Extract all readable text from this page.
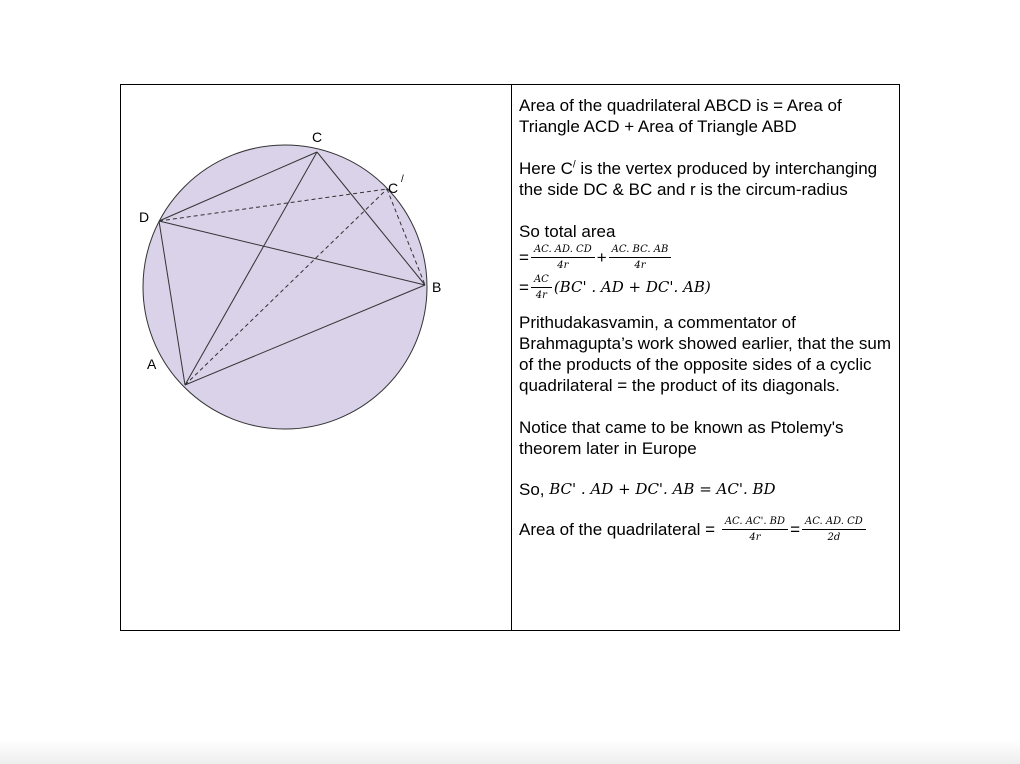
C
C
/
D
B
A

Area of the quadrilateral ABCD is = Area of Triangle ACD + Area of Triangle ABD

Here C/ is the vertex produced by interchanging the side DC & BC and r is the circum-radius

So total area

= $\frac{AC. AD. CD}{4r} + \frac{AC. BC. AB}{4r}$
= $\frac{AC}{4r} (BC'$ . AD + DC'. AB)

Prithudakasvamin, a commentator of Brahmagupta’s work showed earlier, that the sum of the products of the opposite sides of a cyclic quadrilateral = the product of its diagonals.

Notice that came to be known as Ptolemy's theorem later in Europe

So, BC' . AD + DC'. AB = AC'. BD
Area of the quadrilateral = $\frac{AC. AC'. BD}{4r} = \frac{AC. AD. CD}{2d}$
